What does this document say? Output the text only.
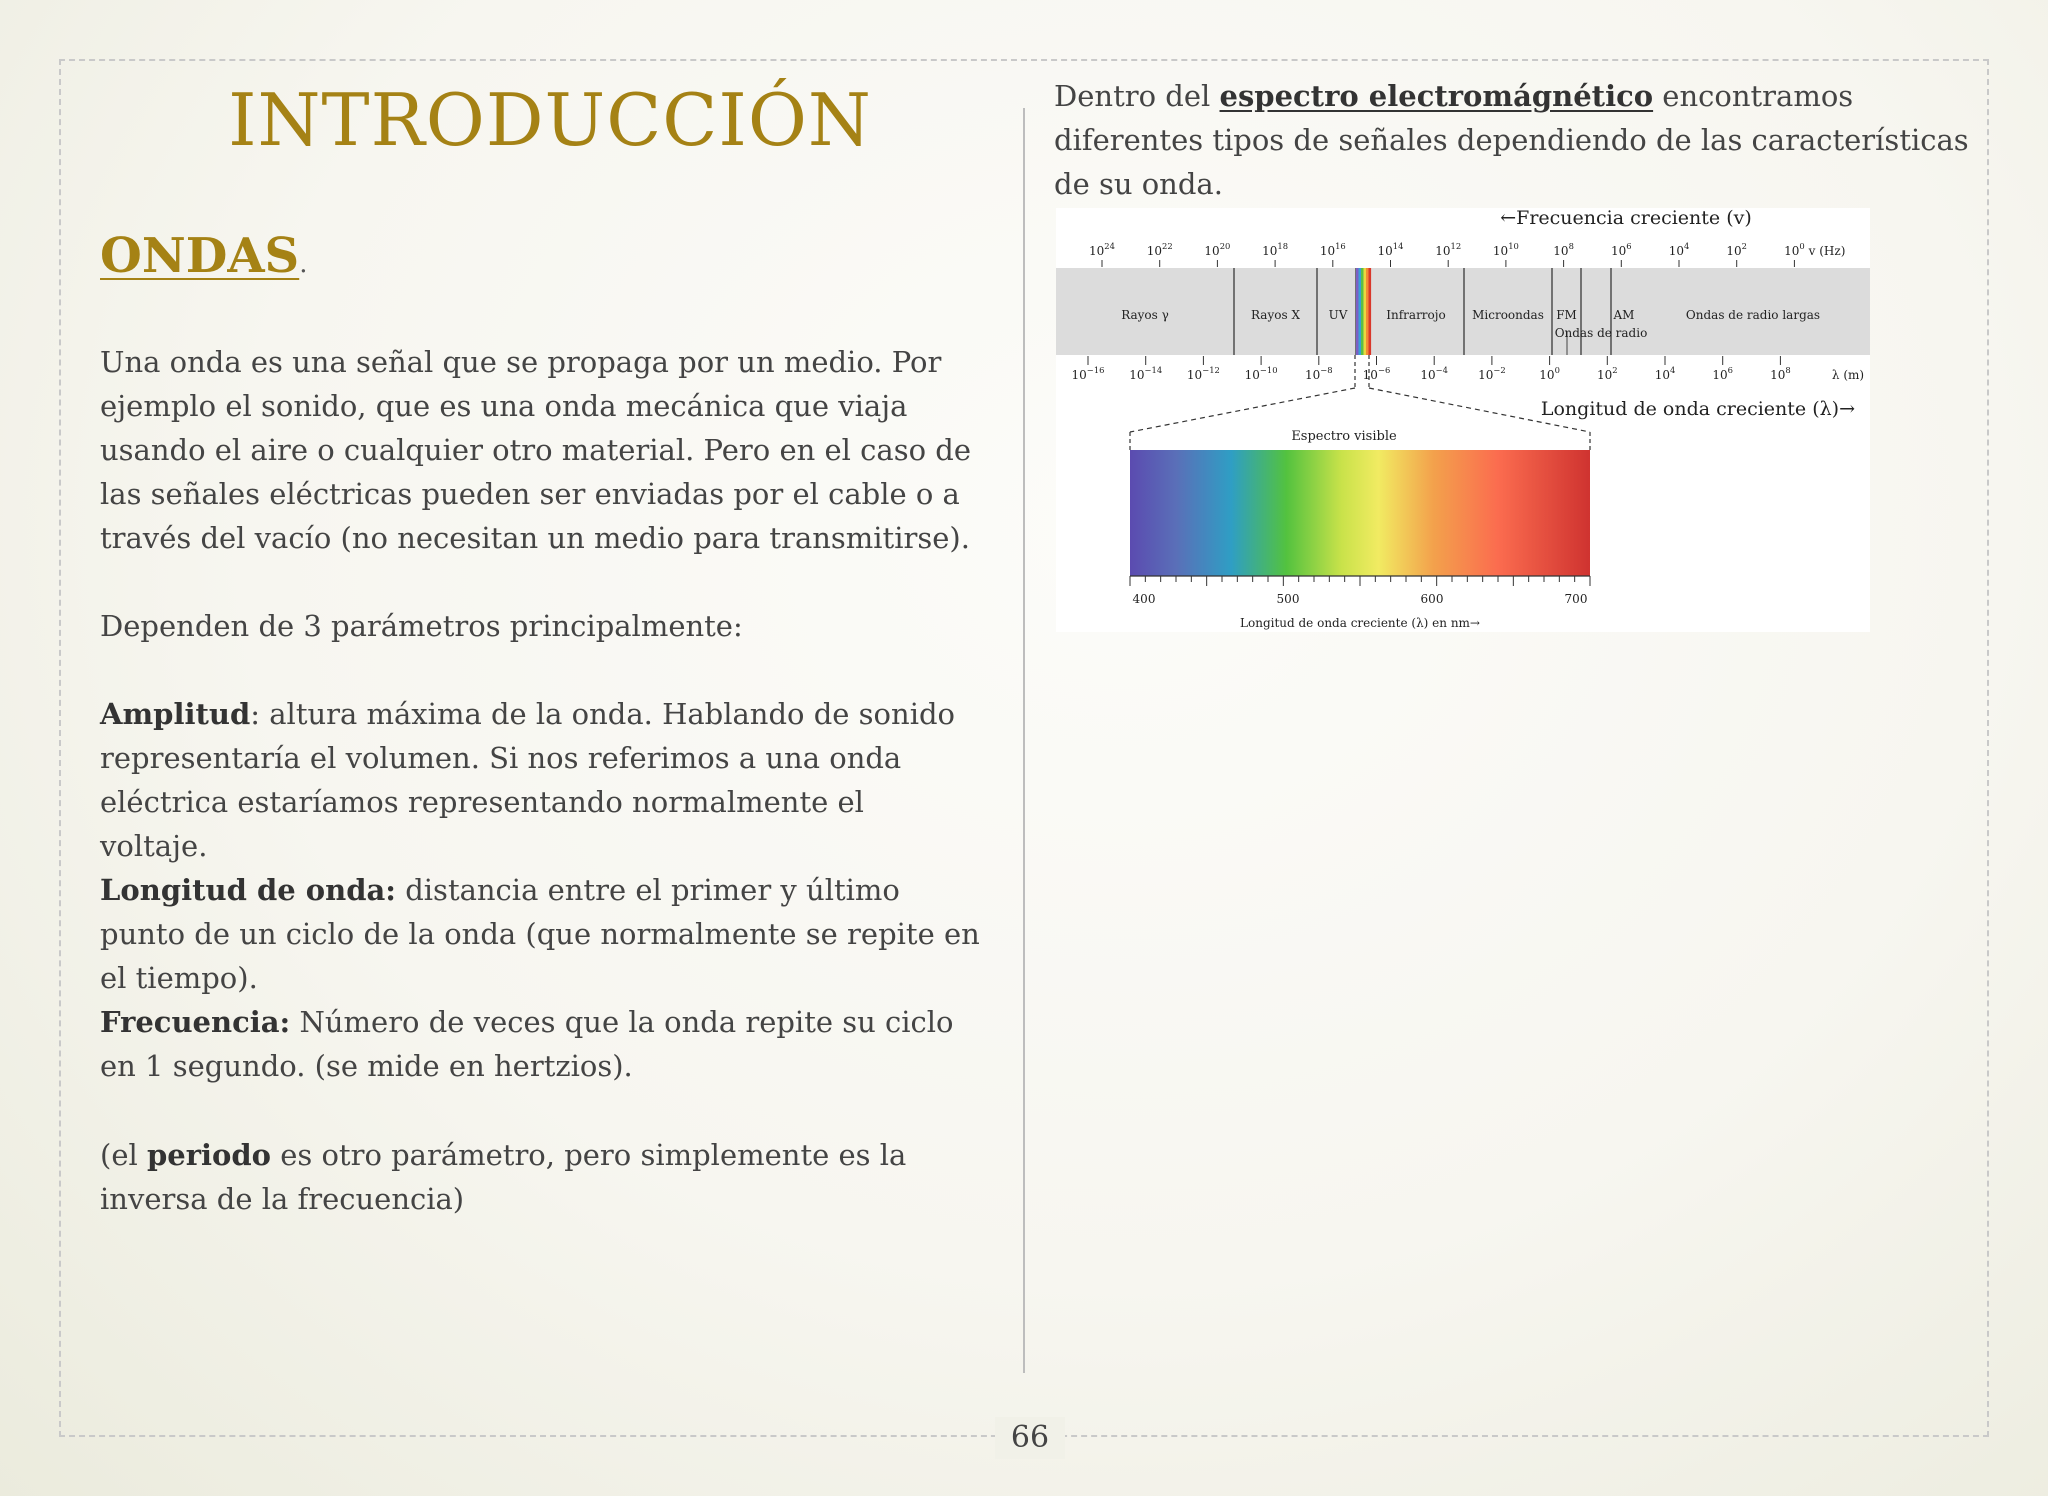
66
INTRODUCCIÓN
ONDAS.

Una onda es una señal que se propaga por un medio. Por ejemplo el sonido, que es una onda mecánica que viaja usando el aire o cualquier otro material. Pero en el caso de las señales eléctricas pueden ser enviadas por el cable o a través del vacío (no necesitan un medio para transmitirse).

Dependen de 3 parámetros principalmente:

Amplitud: altura máxima de la onda. Hablando de sonido representaría el volumen. Si nos referimos a una onda eléctrica estaríamos representando normalmente el voltaje.

Longitud de onda: distancia entre el primer y último punto de un ciclo de la onda (que normalmente se repite en el tiempo).

Frecuencia: Número de veces que la onda repite su ciclo en 1 segundo. (se mide en hertzios).

(el periodo es otro parámetro, pero simplemente es la inversa de la frecuencia)

Dentro del espectro electromágnético encontramos diferentes tipos de señales dependiendo de las características de su onda.

←Frecuencia creciente (v)
$10^{24}$	$10^{22}$	$10^{20}$	$10^{18}$	$10^{16}$	$10^{14}$	$10^{12}$	$10^{10}$	$10^8$	$10^6$	$10^4$	$10^2$	$10^0$ v (Hz)
Rayos γ	Rayos X UV	Infrarrojo Microondas FM	AM	Ondas de radio largas
Ondas de radio
$10^{-16}$ $10^{-14}$ $10^{-12}$ $10^{-10}$ $10^{-8}$	$10^{-6}$	$10^{-4}$	$10^{-2}$	$10^0$	$10^2$	$10^4$	$10^6$	$10^8$	λ (m)
Longitud de onda creciente (λ)→
Espectro visible
400	500	600	700
Longitud de onda creciente (λ) en nm→
